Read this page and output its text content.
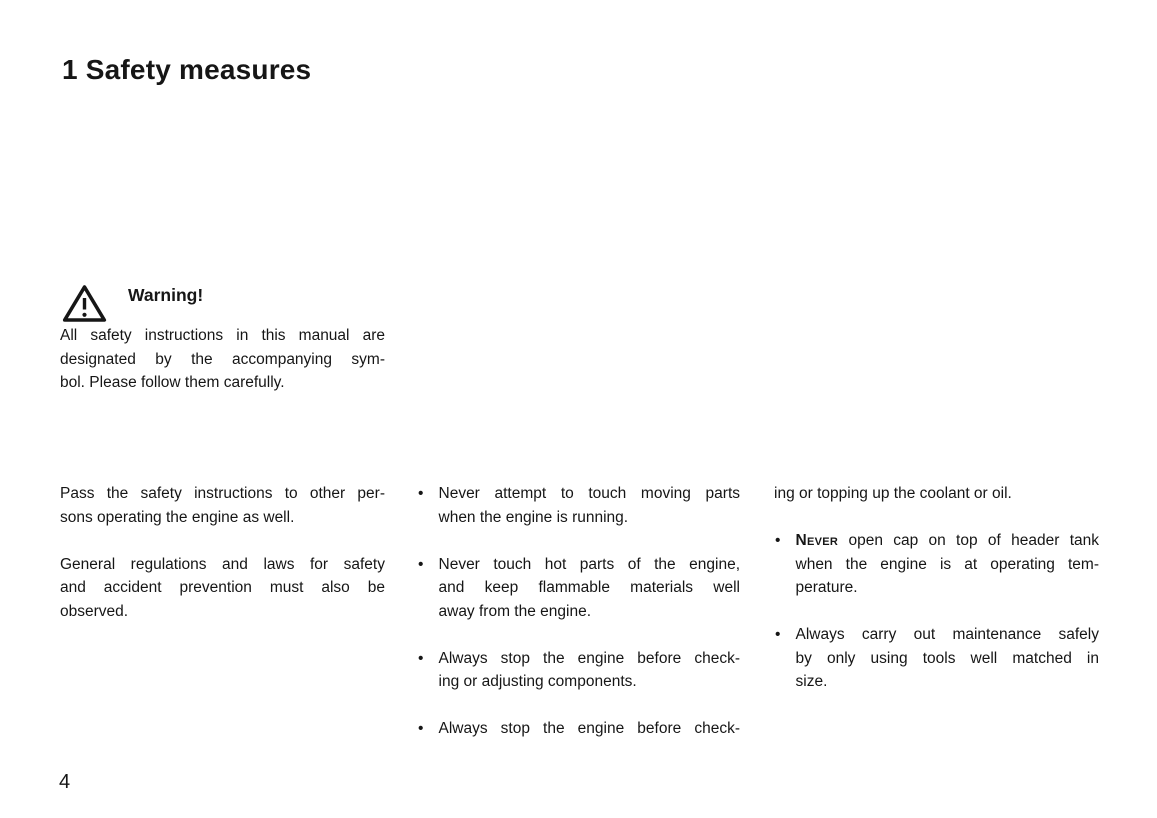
1 Safety measures
Warning!
All safety instructions in this manual are
designated by the accompanying sym-
bol. Please follow them carefully.
Pass the safety instructions to other per-
sons operating the engine as well.
General regulations and laws for safety
and accident prevention must also be
observed.
• Never attempt to touch moving parts
when the engine is running.
• Never touch hot parts of the engine,
and keep flammable materials well
away from the engine.
• Always stop the engine before check-
ing or adjusting components.
• Always stop the engine before check-
ing or topping up the coolant or oil.
• Never open cap on top of header tank
when the engine is at operating tem-
perature.
• Always carry out maintenance safely
by only using tools well matched in
size.
4
